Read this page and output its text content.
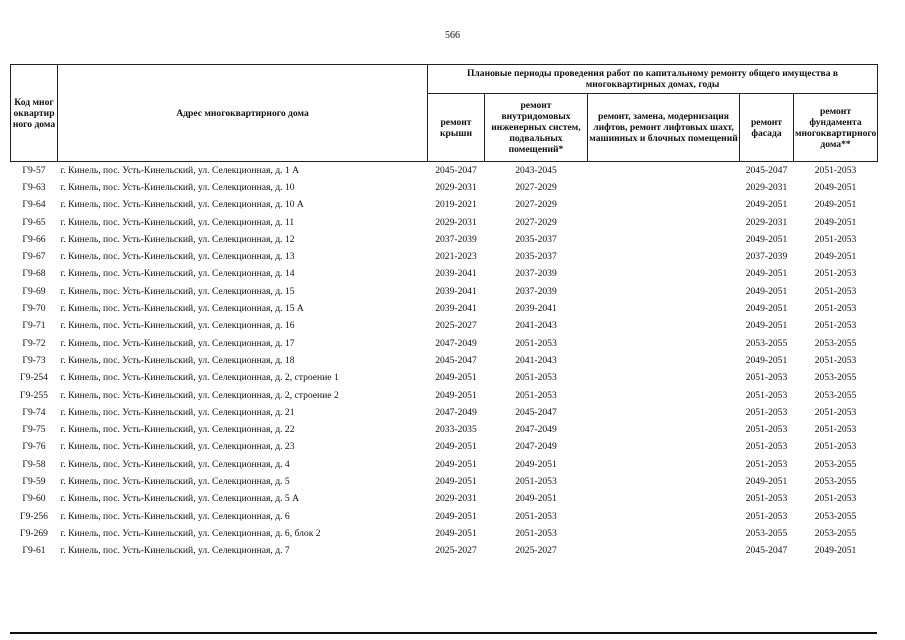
566
Код многоквартирного дома	Адрес многоквартирного дома	Плановые периоды проведения работ по капитальному ремонту общего имущества в многоквартирных домах, годы				
		ремонт крыши	ремонт внутридомовых инженерных систем, подвальных помещений*	ремонт, замена, модернизация лифтов, ремонт лифтовых шахт, машинных и блочных помещений	ремонт фасада	ремонт фундамента многоквартирного дома**
Г9-57	г. Кинель, пос. Усть-Кинельский, ул. Селекционная, д. 1 А	2045-2047	2043-2045		2045-2047	2051-2053
Г9-63	г. Кинель, пос. Усть-Кинельский, ул. Селекционная, д. 10	2029-2031	2027-2029		2029-2031	2049-2051
Г9-64	г. Кинель, пос. Усть-Кинельский, ул. Селекционная, д. 10 А	2019-2021	2027-2029		2049-2051	2049-2051
Г9-65	г. Кинель, пос. Усть-Кинельский, ул. Селекционная, д. 11	2029-2031	2027-2029		2029-2031	2049-2051
Г9-66	г. Кинель, пос. Усть-Кинельский, ул. Селекционная, д. 12	2037-2039	2035-2037		2049-2051	2051-2053
Г9-67	г. Кинель, пос. Усть-Кинельский, ул. Селекционная, д. 13	2021-2023	2035-2037		2037-2039	2049-2051
Г9-68	г. Кинель, пос. Усть-Кинельский, ул. Селекционная, д. 14	2039-2041	2037-2039		2049-2051	2051-2053
Г9-69	г. Кинель, пос. Усть-Кинельский, ул. Селекционная, д. 15	2039-2041	2037-2039		2049-2051	2051-2053
Г9-70	г. Кинель, пос. Усть-Кинельский, ул. Селекционная, д. 15 А	2039-2041	2039-2041		2049-2051	2051-2053
Г9-71	г. Кинель, пос. Усть-Кинельский, ул. Селекционная, д. 16	2025-2027	2041-2043		2049-2051	2051-2053
Г9-72	г. Кинель, пос. Усть-Кинельский, ул. Селекционная, д. 17	2047-2049	2051-2053		2053-2055	2053-2055
Г9-73	г. Кинель, пос. Усть-Кинельский, ул. Селекционная, д. 18	2045-2047	2041-2043		2049-2051	2051-2053
Г9-254	г. Кинель, пос. Усть-Кинельский, ул. Селекционная, д. 2, строение 1	2049-2051	2051-2053		2051-2053	2053-2055
Г9-255	г. Кинель, пос. Усть-Кинельский, ул. Селекционная, д. 2, строение 2	2049-2051	2051-2053		2051-2053	2053-2055
Г9-74	г. Кинель, пос. Усть-Кинельский, ул. Селекционная, д. 21	2047-2049	2045-2047		2051-2053	2051-2053
Г9-75	г. Кинель, пос. Усть-Кинельский, ул. Селекционная, д. 22	2033-2035	2047-2049		2051-2053	2051-2053
Г9-76	г. Кинель, пос. Усть-Кинельский, ул. Селекционная, д. 23	2049-2051	2047-2049		2051-2053	2051-2053
Г9-58	г. Кинель, пос. Усть-Кинельский, ул. Селекционная, д. 4	2049-2051	2049-2051		2051-2053	2053-2055
Г9-59	г. Кинель, пос. Усть-Кинельский, ул. Селекционная, д. 5	2049-2051	2051-2053		2049-2051	2053-2055
Г9-60	г. Кинель, пос. Усть-Кинельский, ул. Селекционная, д. 5 А	2029-2031	2049-2051		2051-2053	2051-2053
Г9-256	г. Кинель, пос. Усть-Кинельский, ул. Селекционная, д. 6	2049-2051	2051-2053		2051-2053	2053-2055
Г9-269	г. Кинель, пос. Усть-Кинельский, ул. Селекционная, д. 6, блок 2	2049-2051	2051-2053		2053-2055	2053-2055
Г9-61	г. Кинель, пос. Усть-Кинельский, ул. Селекционная, д. 7	2025-2027	2025-2027		2045-2047	2049-2051
